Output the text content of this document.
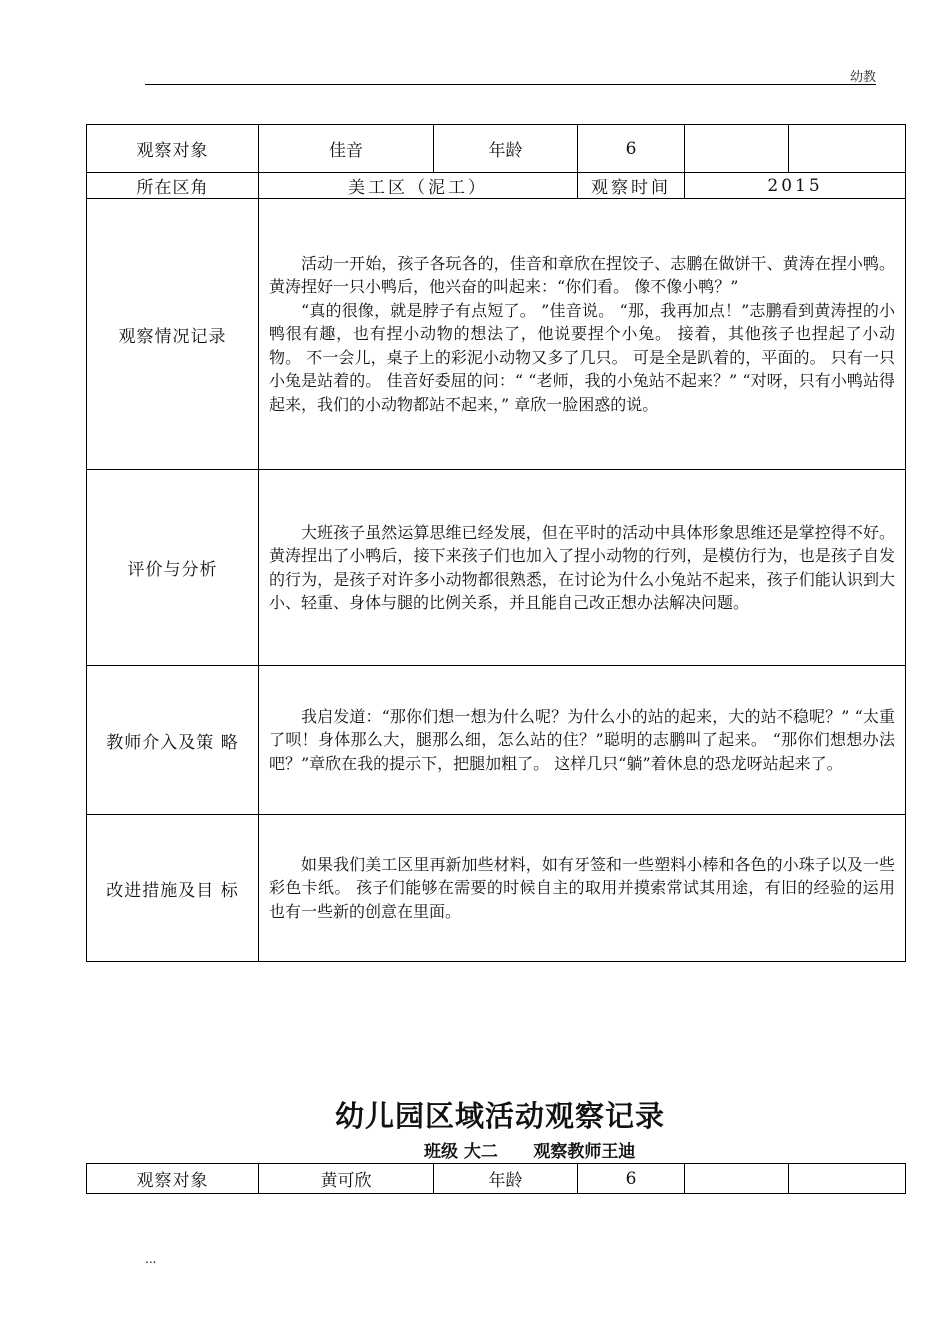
幼教
观察对象	佳音	年龄	6		
所在区角	美工区（泥工）		观察时间	2015	
观察情况记录	活动一开始，孩子各玩各的，佳音和章欣在捏饺子、志鹏在做饼干、黄涛在捏小鸭。 黄涛捏好一只小鸭后，他兴奋的叫起来：“你们看。 像不像小鸭？”

“真的很像，就是脖子有点短了。 ”佳音说。 “那，我再加点！”志鹏看到黄涛捏的小鸭很有趣，也有捏小动物的想法了，他说要捏个小兔。 接着，其他孩子也捏起了小动物。 不一会儿，桌子上的彩泥小动物又多了几只。 可是全是趴着的，平面的。 只有一只小兔是站着的。 佳音好委屈的问：“ “老师，我的小兔站不起来？” “对呀，只有小鸭站得起来，我们的小动物都站不起来，” 章欣一脸困惑的说。				

评价与分析	大班孩子虽然运算思维已经发展，但在平时的活动中具体形象思维还是掌控得不好。 黄涛捏出了小鸭后，接下来孩子们也加入了捏小动物的行列，是模仿行为，也是孩子自发的行为，是孩子对许多小动物都很熟悉，在讨论为什么小兔站不起来，孩子们能认识到大小、轻重、身体与腿的比例关系，并且能自己改正想办法解决问题。				

教师介入及策 略	我启发道：“那你们想一想为什么呢？为什么小的站的起来，大的站不稳呢？” “太重了呗！身体那么大，腿那么细，怎么站的住？”聪明的志鹏叫了起来。 “那你们想想办法吧？”章欣在我的提示下，把腿加粗了。 这样几只“躺”着休息的恐龙呀站起来了。				

改进措施及目 标	如果我们美工区里再新加些材料，如有牙签和一些塑料小棒和各色的小珠子以及一些彩色卡纸。 孩子们能够在需要的时候自主的取用并摸索常试其用途，有旧的经验的运用也有一些新的创意在里面。				

幼儿园区域活动观察记录
班级 大二      观察教师王迪
观察对象	黄可欣	年龄	6		
...
